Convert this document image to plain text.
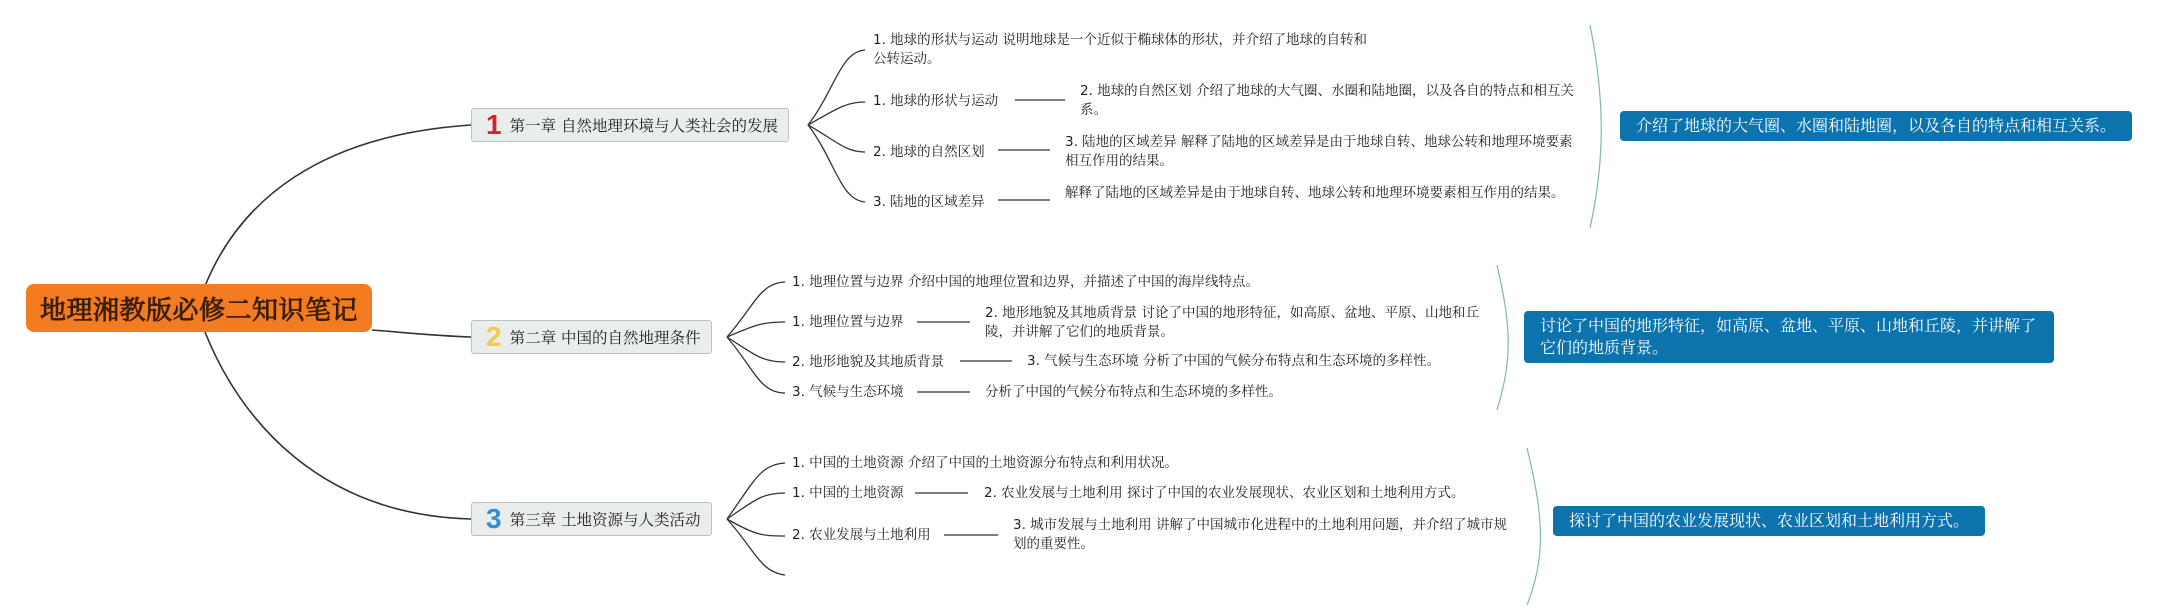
地理湘教版必修二知识笔记
1 第一章 自然地理环境与人类社会的发展
1. 地球的形状与运动 说明地球是一个近似于椭球体的形状，并介绍了地球的自转和公转运动。
1. 地球的形状与运动
2. 地球的自然区划
3. 陆地的区域差异
2. 地球的自然区划 介绍了地球的大气圈、水圈和陆地圈，以及各自的特点和相互关系。
3. 陆地的区域差异 解释了陆地的区域差异是由于地球自转、地球公转和地理环境要素相互作用的结果。
解释了陆地的区域差异是由于地球自转、地球公转和地理环境要素相互作用的结果。
介绍了地球的大气圈、水圈和陆地圈，以及各自的特点和相互关系。
2 第二章 中国的自然地理条件
1. 地理位置与边界 介绍中国的地理位置和边界，并描述了中国的海岸线特点。
1. 地理位置与边界
2. 地形地貌及其地质背景
3. 气候与生态环境
2. 地形地貌及其地质背景 讨论了中国的地形特征，如高原、盆地、平原、山地和丘陵，并讲解了它们的地质背景。
3. 气候与生态环境 分析了中国的气候分布特点和生态环境的多样性。
分析了中国的气候分布特点和生态环境的多样性。
讨论了中国的地形特征，如高原、盆地、平原、山地和丘陵，并讲解了它们的地质背景。
3 第三章 土地资源与人类活动
1. 中国的土地资源 介绍了中国的土地资源分布特点和利用状况。
1. 中国的土地资源
2. 农业发展与土地利用
2. 农业发展与土地利用 探讨了中国的农业发展现状、农业区划和土地利用方式。
3. 城市发展与土地利用 讲解了中国城市化进程中的土地利用问题，并介绍了城市规划的重要性。
探讨了中国的农业发展现状、农业区划和土地利用方式。
